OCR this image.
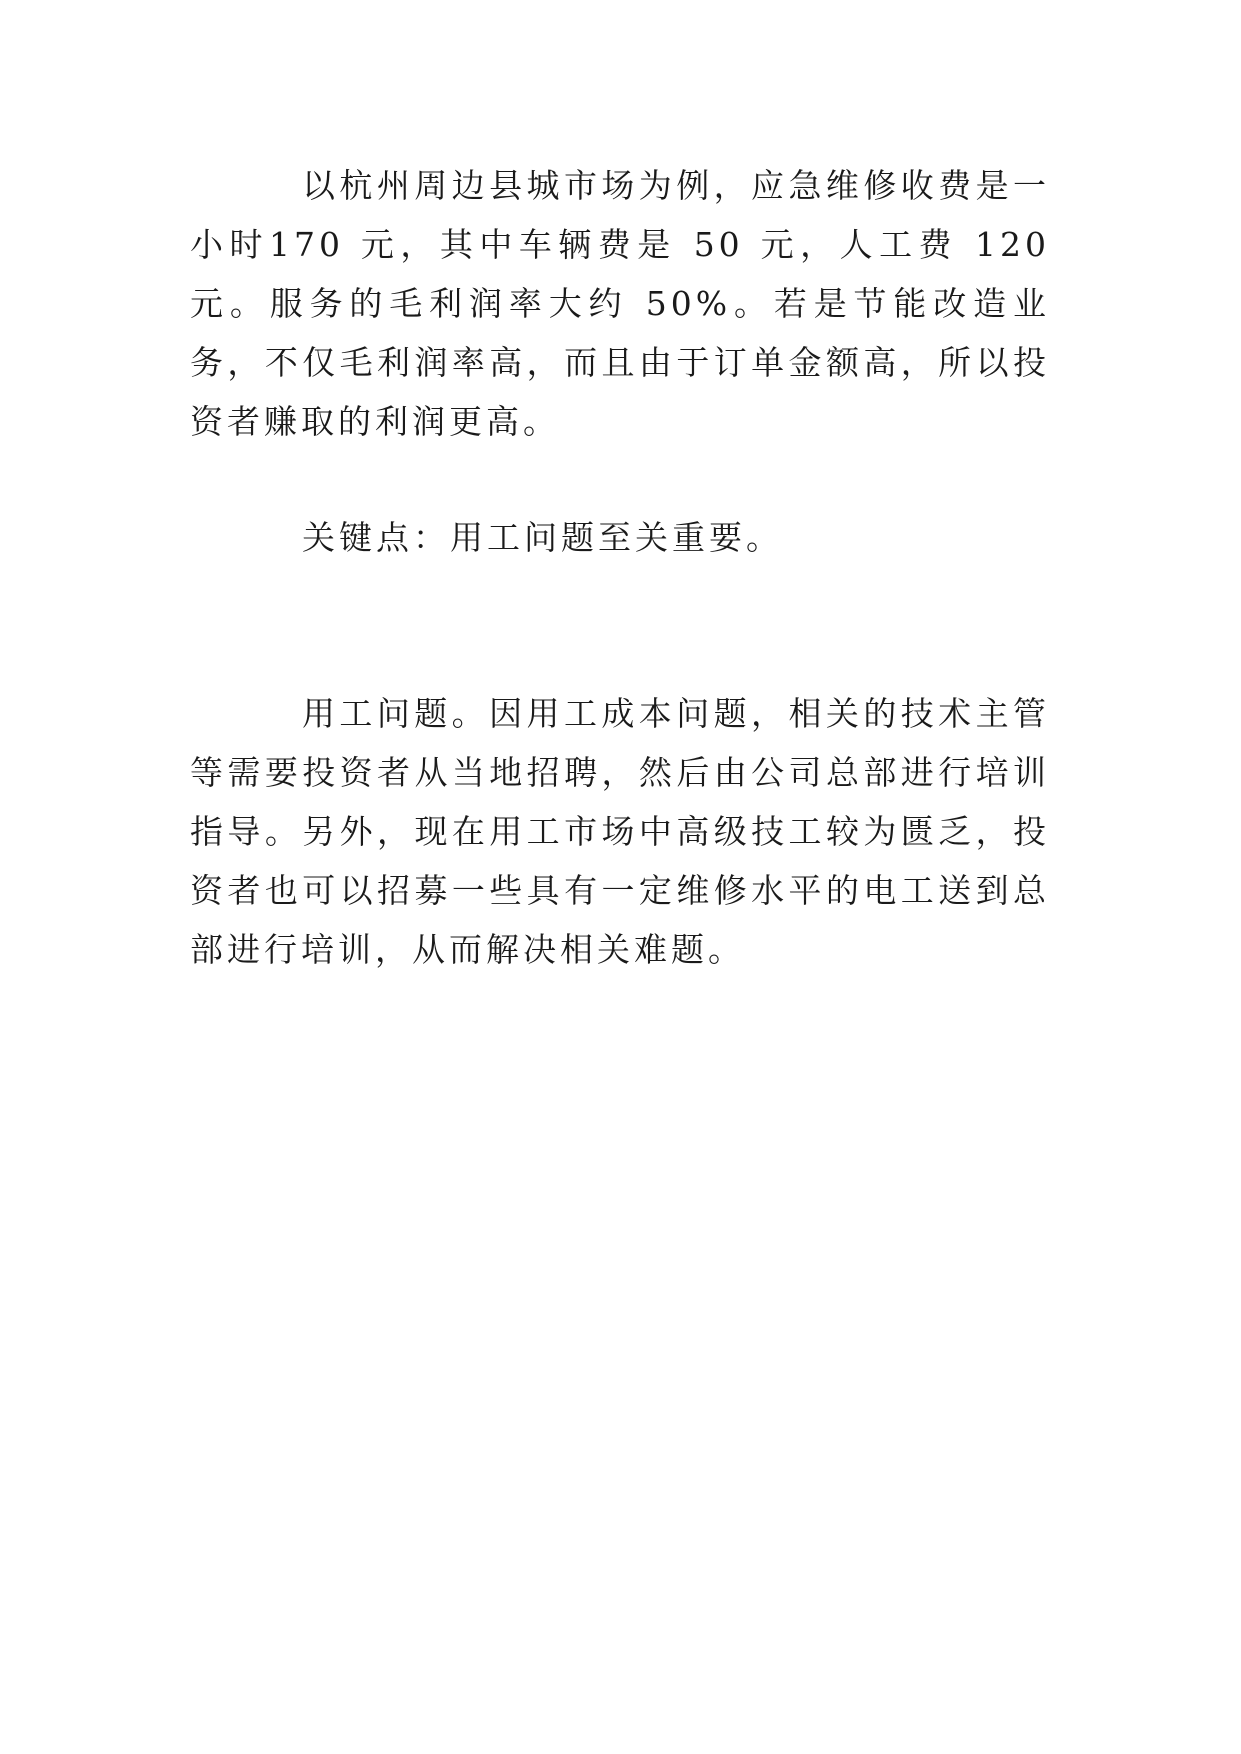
以杭州周边县城市场为例，应急维修收费是一小时170 元，其中车辆费是 50 元，人工费 120 元。服务的毛利润率大约 50%。若是节能改造业务，不仅毛利润率高，而且由于订单金额高，所以投资者赚取的利润更高。

关键点：用工问题至关重要。

用工问题。因用工成本问题，相关的技术主管等需要投资者从当地招聘，然后由公司总部进行培训指导。另外，现在用工市场中高级技工较为匮乏，投资者也可以招募一些具有一定维修水平的电工送到总部进行培训，从而解决相关难题。
